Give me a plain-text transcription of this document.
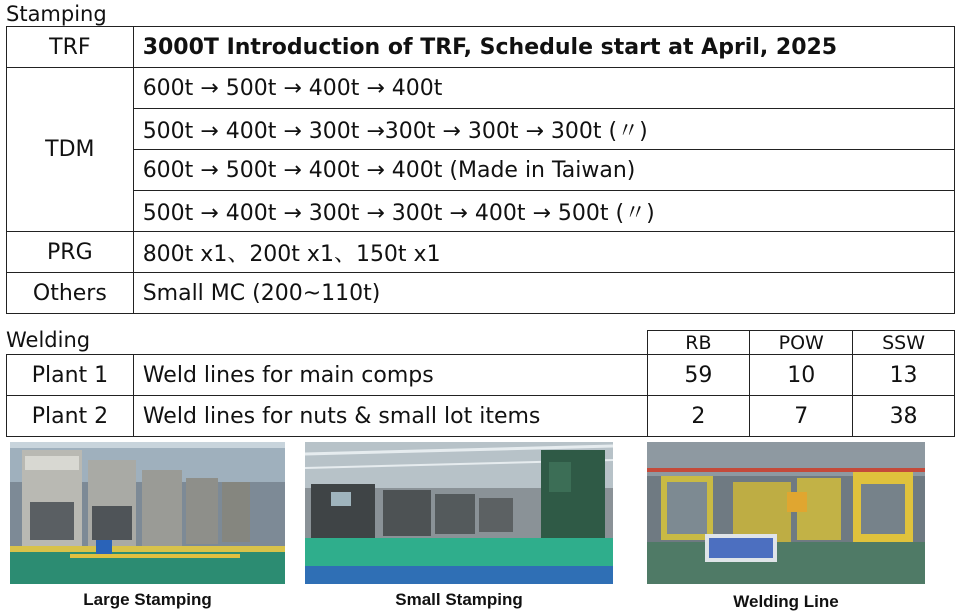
Stamping
TRF	3000T Introduction of TRF, Schedule start at April, 2025
TDM	600t → 500t → 400t → 400t
	500t → 400t → 300t →300t → 300t → 300t (〃)
	600t → 500t → 400t → 400t (Made in Taiwan)
	500t → 400t → 300t → 300t → 400t → 500t (〃)
PRG	800t x1、200t x1、150t x1
Others	Small MC (200~110t)
Welding
			RB	POW	SSW
Plant 1	Weld lines for main comps	59	10	13
Plant 2	Weld lines for nuts & small lot items	2	7	38
Large Stamping	Small Stamping	Welding Line
